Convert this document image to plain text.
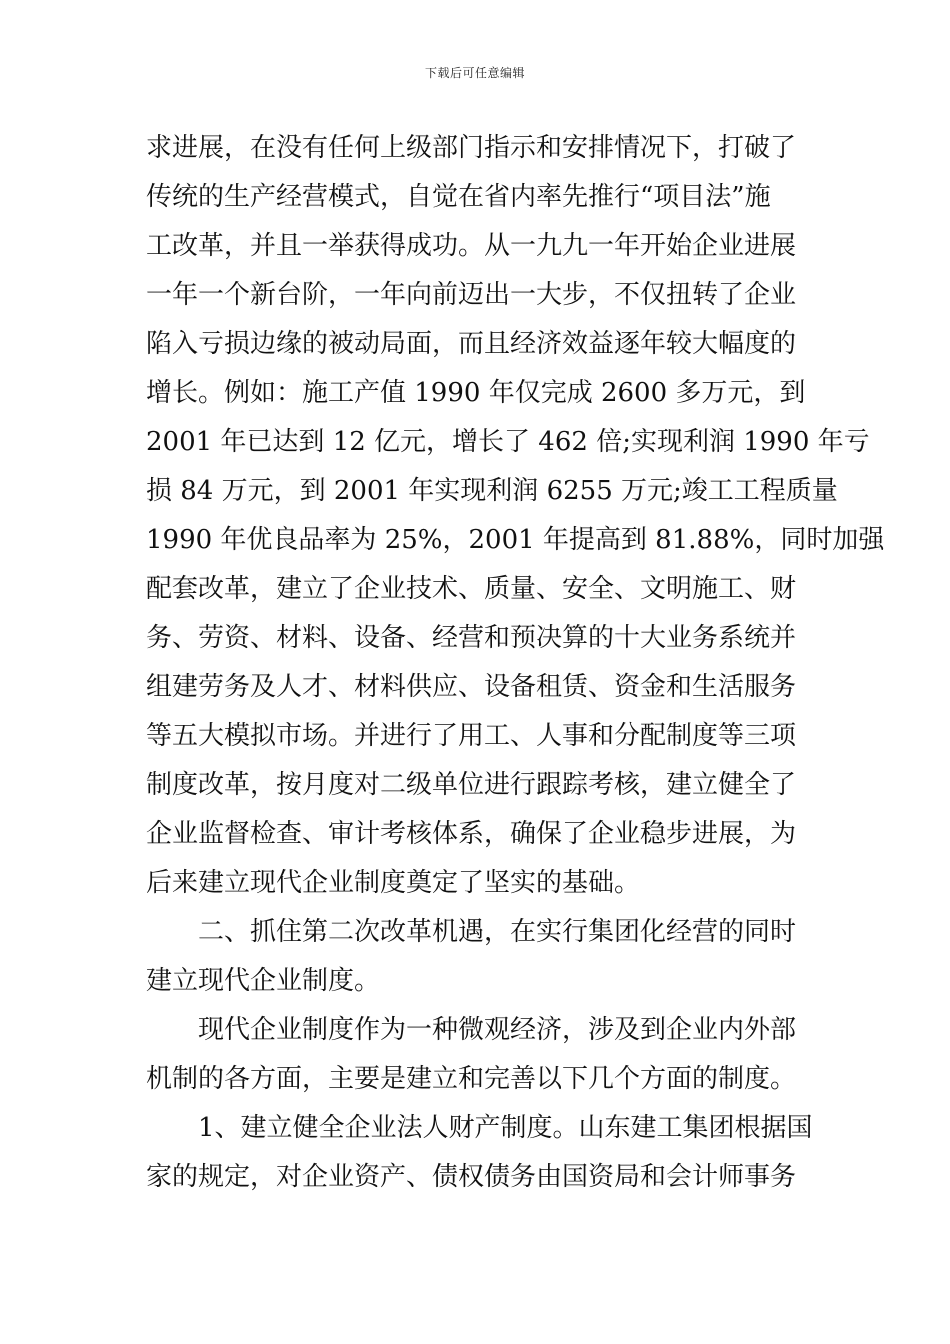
下载后可任意编辑
求进展，在没有任何上级部门指示和安排情况下，打破了
传统的生产经营模式，自觉在省内率先推行“项目法”施
工改革，并且一举获得成功。从一九九一年开始企业进展
一年一个新台阶，一年向前迈出一大步，不仅扭转了企业
陷入亏损边缘的被动局面，而且经济效益逐年较大幅度的
增长。例如：施工产值 1990 年仅完成 2600 多万元，到
2001 年已达到 12 亿元，增长了 462 倍;实现利润 1990 年亏
损 84 万元，到 2001 年实现利润 6255 万元;竣工工程质量
1990 年优良品率为 25%，2001 年提高到 81.88%，同时加强
配套改革，建立了企业技术、质量、安全、文明施工、财
务、劳资、材料、设备、经营和预决算的十大业务系统并
组建劳务及人才、材料供应、设备租赁、资金和生活服务
等五大模拟市场。并进行了用工、人事和分配制度等三项
制度改革，按月度对二级单位进行跟踪考核，建立健全了
企业监督检查、审计考核体系，确保了企业稳步进展，为
后来建立现代企业制度奠定了坚实的基础。
二、抓住第二次改革机遇，在实行集团化经营的同时
建立现代企业制度。
现代企业制度作为一种微观经济，涉及到企业内外部
机制的各方面，主要是建立和完善以下几个方面的制度。
1、建立健全企业法人财产制度。山东建工集团根据国
家的规定，对企业资产、债权债务由国资局和会计师事务
